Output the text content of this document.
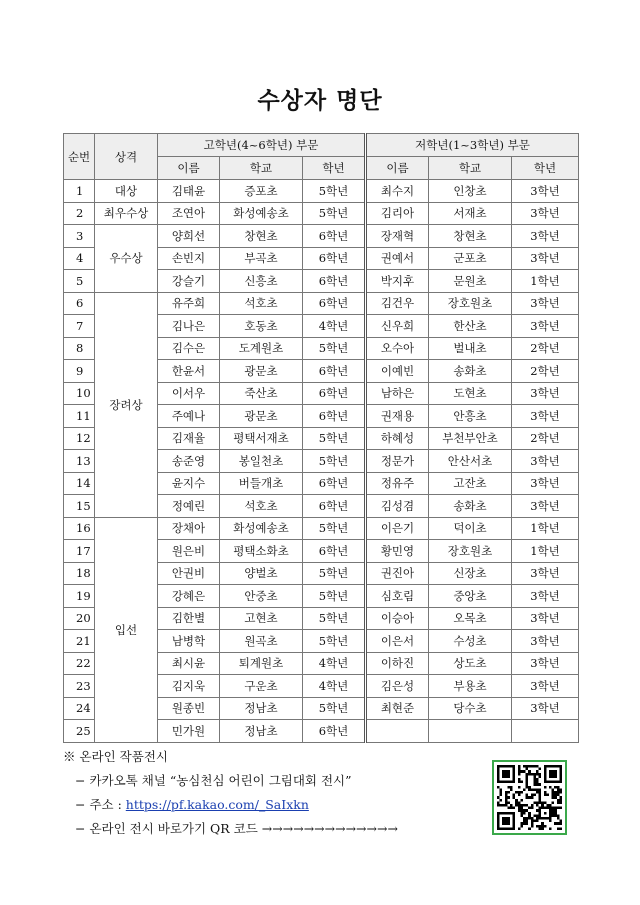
수상자 명단
순번	상격	고학년(4~6학년) 부문			저학년(1~3학년) 부문		
		이름	학교	학년	이름	학교	학년
1	대상	김태윤	증포초	5학년	최수지	인창초	3학년
2	최우수상	조연아	화성예송초	5학년	김리아	서재초	3학년
3	우수상	양희선	창현초	6학년	장재혁	창현초	3학년
4		손빈지	부곡초	6학년	권예서	군포초	3학년
5		강슬기	신흥초	6학년	박지후	문원초	1학년
6	장려상	유주희	석호초	6학년	김건우	장호원초	3학년
7		김나은	호동초	4학년	신우희	한산초	3학년
8		김수은	도계원초	5학년	오수아	벌내초	2학년
9		한윤서	광문초	6학년	이예빈	송화초	2학년
10		이서우	죽산초	6학년	남하은	도현초	3학년
11		주예나	광문초	6학년	권재용	안흥초	3학년
12		김재율	평택서재초	5학년	하혜성	부천부안초	2학년
13		송준영	봉일천초	5학년	정문가	안산서초	3학년
14		윤지수	버들개초	6학년	정유주	고잔초	3학년
15		정예린	석호초	6학년	김성겸	송화초	3학년
16	입선	장채아	화성예송초	5학년	이은기	덕이초	1학년
17		원은비	평택소화초	6학년	황민영	장호원초	1학년
18		안권비	양벌초	5학년	권진아	신장초	3학년
19		강혜은	안중초	5학년	심호림	중앙초	3학년
20		김한별	고현초	5학년	이승아	오목초	3학년
21		남병학	원곡초	5학년	이은서	수성초	3학년
22		최시윤	퇴계원초	4학년	이하진	상도초	3학년
23		김지욱	구운초	4학년	김은성	부용초	3학년
24		원종빈	정남초	5학년	최현준	당수초	3학년
25		민가원	정남초	6학년			
※ 온라인 작품전시
− 카카오톡 채널 “농심천심 어린이 그림대회 전시”
− 주소 : https://pf.kakao.com/_SaIxkn
− 온라인 전시 바로가기 QR 코드 →→→→→→→→→→→→→
